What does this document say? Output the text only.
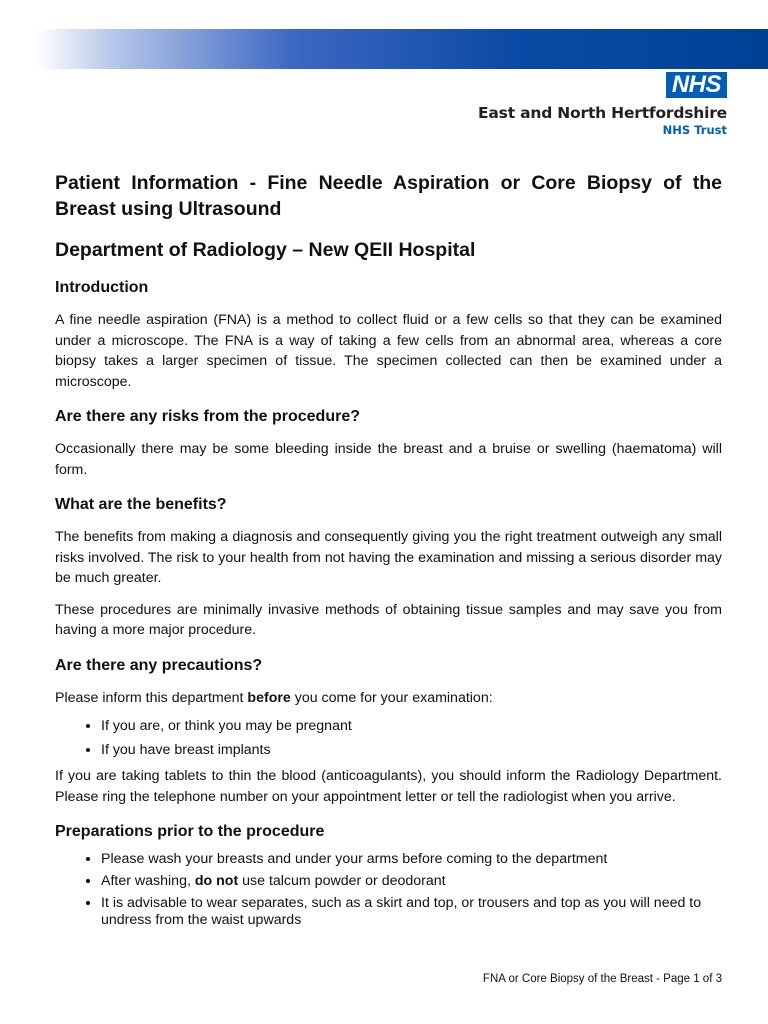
NHS
East and North Hertfordshire
NHS Trust
Patient Information - Fine Needle Aspiration or Core Biopsy of the Breast using Ultrasound
Department of Radiology – New QEII Hospital
Introduction

A fine needle aspiration (FNA) is a method to collect fluid or a few cells so that they can be examined under a microscope. The FNA is a way of taking a few cells from an abnormal area, whereas a core biopsy takes a larger specimen of tissue. The specimen collected can then be examined under a microscope.

Are there any risks from the procedure?

Occasionally there may be some bleeding inside the breast and a bruise or swelling (haematoma) will form.

What are the benefits?

The benefits from making a diagnosis and consequently giving you the right treatment outweigh any small risks involved. The risk to your health from not having the examination and missing a serious disorder may be much greater.

These procedures are minimally invasive methods of obtaining tissue samples and may save you from having a more major procedure.

Are there any precautions?

Please inform this department before you come for your examination:

• If you are, or think you may be pregnant
• If you have breast implants

If you are taking tablets to thin the blood (anticoagulants), you should inform the Radiology Department. Please ring the telephone number on your appointment letter or tell the radiologist when you arrive.

Preparations prior to the procedure
• Please wash your breasts and under your arms before coming to the department
• After washing, do not use talcum powder or deodorant
• It is advisable to wear separates, such as a skirt and top, or trousers and top as you will need to undress from the waist upwards
FNA or Core Biopsy of the Breast - Page 1 of 3
